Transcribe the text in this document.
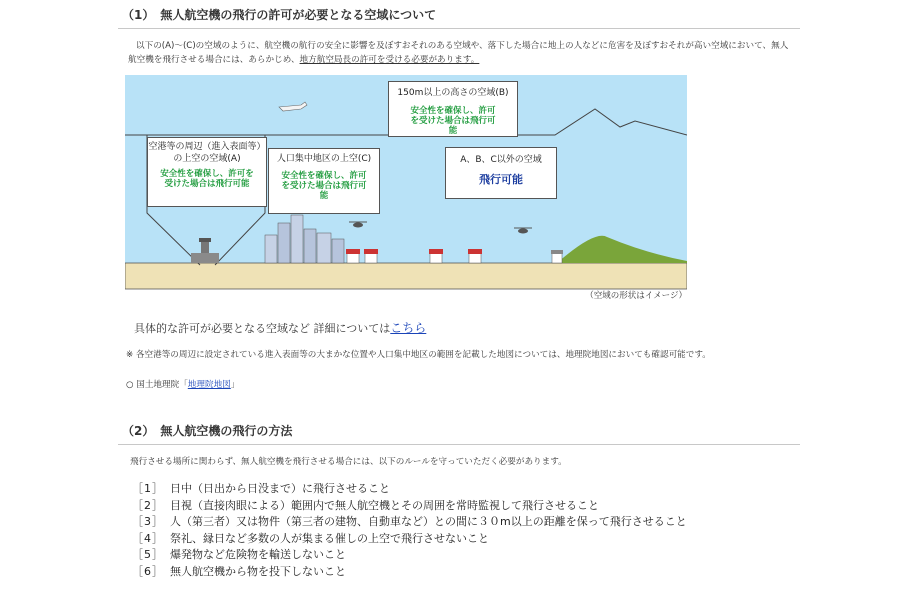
（1） 無人航空機の飛行の許可が必要となる空域について
以下の(A)～(C)の空域のように、航空機の航行の安全に影響を及ぼすおそれのある空域や、落下した場合に地上の人などに危害を及ぼすおそれが高い空域において、無人航空機を飛行させる場合には、あらかじめ、地方航空局長の許可を受ける必要があります。
空港等の周辺（進入表面等）の上空の空域(A)
安全性を確保し、許可を受けた場合は飛行可能
人口集中地区の上空(C)
安全性を確保し、許可を受けた場合は飛行可能
150m以上の高さの空域(B)
安全性を確保し、許可を受けた場合は飛行可能
A、B、C以外の空域
飛行可能
（空域の形状はイメージ）
具体的な許可が必要となる空域など 詳細についてはこちら
※ 各空港等の周辺に設定されている進入表面等の大まかな位置や人口集中地区の範囲を記載した地図については、地理院地図においても確認可能です。
○ 国土地理院「地理院地図」
（2） 無人航空機の飛行の方法
飛行させる場所に関わらず、無人航空機を飛行させる場合には、以下のルールを守っていただく必要があります。
［1］ 日中（日出から日没まで）に飛行させること
［2］ 目視（直接肉眼による）範囲内で無人航空機とその周囲を常時監視して飛行させること
［3］ 人（第三者）又は物件（第三者の建物、自動車など）との間に３０m以上の距離を保って飛行させること
［4］ 祭礼、縁日など多数の人が集まる催しの上空で飛行させないこと
［5］ 爆発物など危険物を輸送しないこと
［6］ 無人航空機から物を投下しないこと
